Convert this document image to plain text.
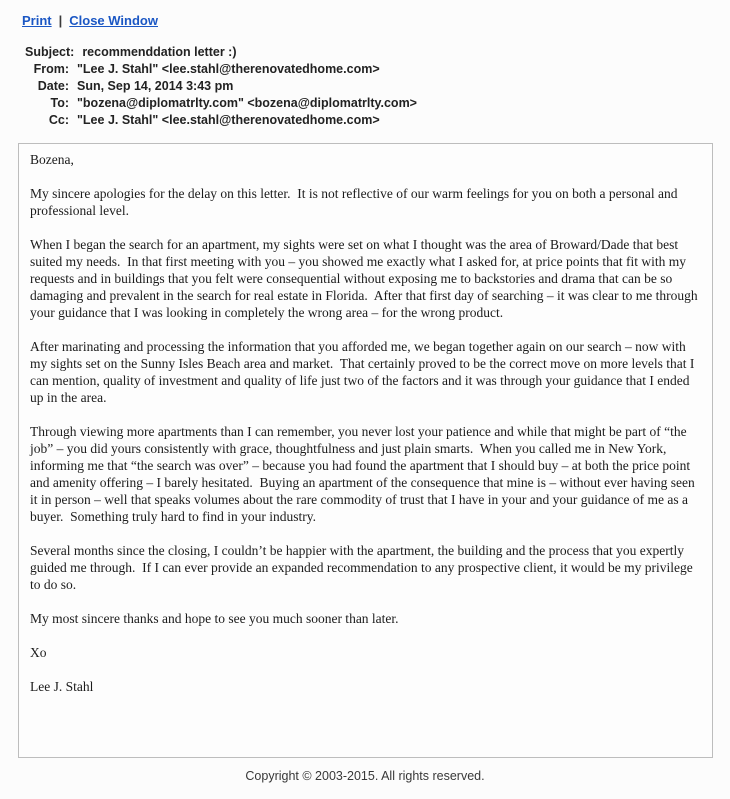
Print | Close Window
Subject: recommenddation letter :)
From: "Lee J. Stahl" <lee.stahl@therenovatedhome.com>
Date: Sun, Sep 14, 2014 3:43 pm
To: "bozena@diplomatrlty.com" <bozena@diplomatrlty.com>
Cc: "Lee J. Stahl" <lee.stahl@therenovatedhome.com>

Bozena,

My sincere apologies for the delay on this letter.  It is not reflective of our warm feelings for you on both a personal and professional level.

When I began the search for an apartment, my sights were set on what I thought was the area of Broward/Dade that best suited my needs.  In that first meeting with you – you showed me exactly what I asked for, at price points that fit with my requests and in buildings that you felt were consequential without exposing me to backstories and drama that can be so damaging and prevalent in the search for real estate in Florida.  After that first day of searching – it was clear to me through your guidance that I was looking in completely the wrong area – for the wrong product.

After marinating and processing the information that you afforded me, we began together again on our search – now with my sights set on the Sunny Isles Beach area and market.  That certainly proved to be the correct move on more levels that I can mention, quality of investment and quality of life just two of the factors and it was through your guidance that I ended up in the area.

Through viewing more apartments than I can remember, you never lost your patience and while that might be part of “the job” – you did yours consistently with grace, thoughtfulness and just plain smarts.  When you called me in New York, informing me that “the search was over” – because you had found the apartment that I should buy – at both the price point and amenity offering – I barely hesitated.  Buying an apartment of the consequence that mine is – without ever having seen it in person – well that speaks volumes about the rare commodity of trust that I have in your and your guidance of me as a buyer.  Something truly hard to find in your industry.

Several months since the closing, I couldn’t be happier with the apartment, the building and the process that you expertly guided me through.  If I can ever provide an expanded recommendation to any prospective client, it would be my privilege to do so.

My most sincere thanks and hope to see you much sooner than later.

Xo

Lee J. Stahl

Copyright © 2003-2015. All rights reserved.
